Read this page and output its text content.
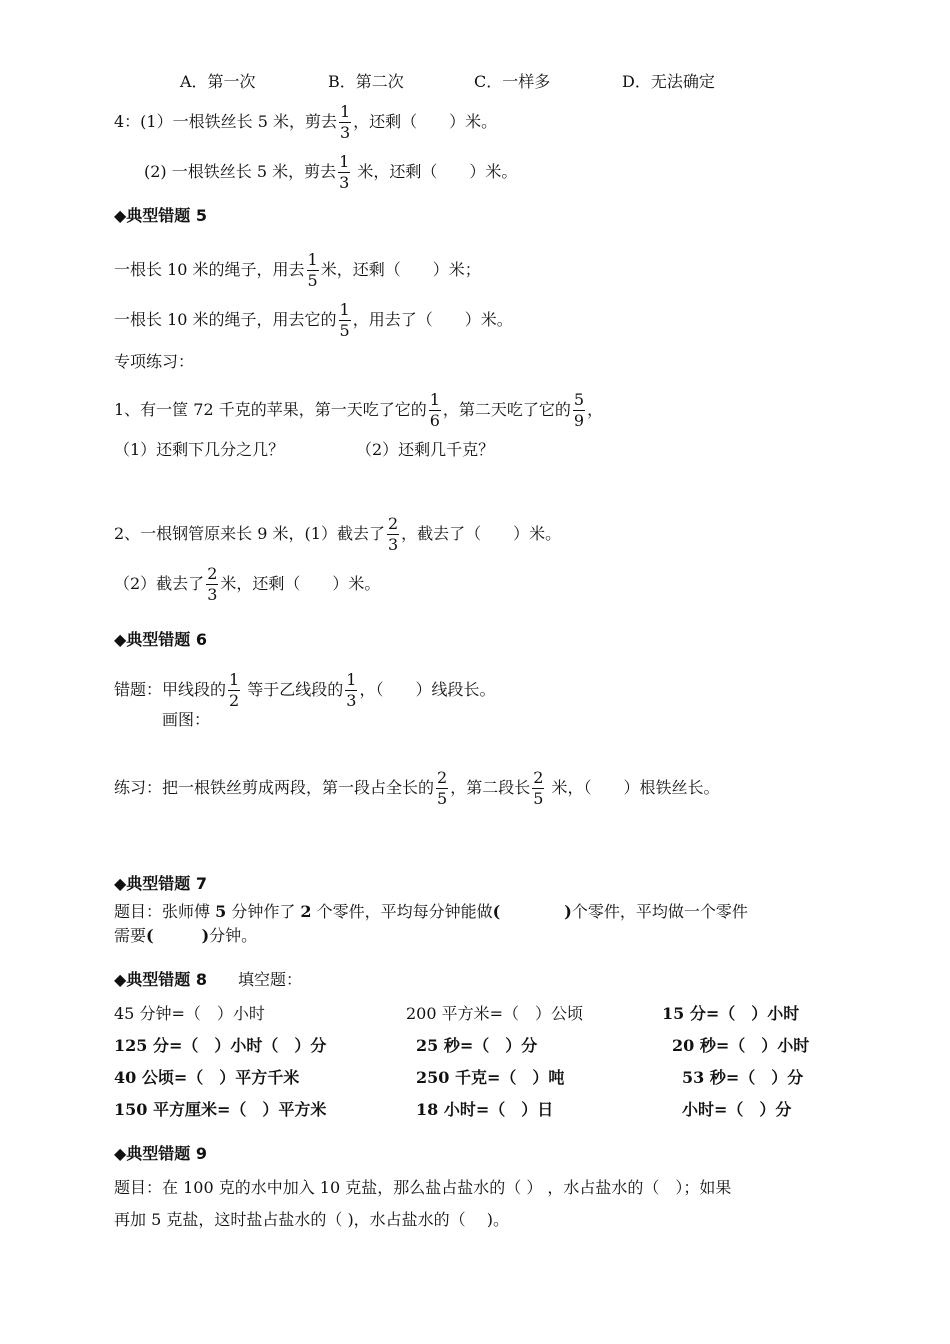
A．第一次	B．第二次	C．一样多	D．无法确定
4：(1）一根铁丝长 5 米，剪去 $\frac{1}{3}$ ，还剩（　　）米。
(2) 一根铁丝长 5 米，剪去 $\frac{1}{3}$ 米，还剩（　　）米。
◆典型错题 5
一根长 10 米的绳子，用去 $\frac{1}{5}$ 米，还剩（　　）米；
一根长 10 米的绳子，用去它的 $\frac{1}{5}$ ，用去了（　　）米。
专项练习：
1、有一筐 72 千克的苹果，第一天吃了它的 $\frac{1}{6}$ ，第二天吃了它的 $\frac{5}{9}$ ，
（1）还剩下几分之几？	（2）还剩几千克？
2、一根钢管原来长 9 米，(1）截去了 $\frac{2}{3}$ ，截去了（　　）米。
（2）截去了 $\frac{2}{3}$ 米，还剩（　　）米。
◆典型错题 6
错题：甲线段的 $\frac{1}{2}$ 等于乙线段的 $\frac{1}{3}$ ，（　　）线段长。
画图：
练习：把一根铁丝剪成两段，第一段占全长的 $\frac{2}{5}$ ，第二段长 $\frac{2}{5}$ 米，（　　）根铁丝长。
◆典型错题 7
题目：张师傅 5 分钟作了 2 个零件，平均每分钟能做(　　　　)个零件，平均做一个零件
需要(　　　)分钟。
◆典型错题 8 填空题：
45 分钟=（　）小时	200 平方米=（　）公顷	15 分=（　）小时
125 分=（　）小时（　）分	25 秒=（　）分	20 秒=（　）小时
40 公顷=（　）平方千米	250 千克=（　）吨	53 秒=（　）分
150 平方厘米=（　）平方米	18 小时=（　）日	小时=（　）分
◆典型错题 9
题目：在 100 克的水中加入 10 克盐，那么盐占盐水的（ ） ，水占盐水的（　）；如果
再加 5 克盐，这时盐占盐水的（ )，水占盐水的（　 )。
